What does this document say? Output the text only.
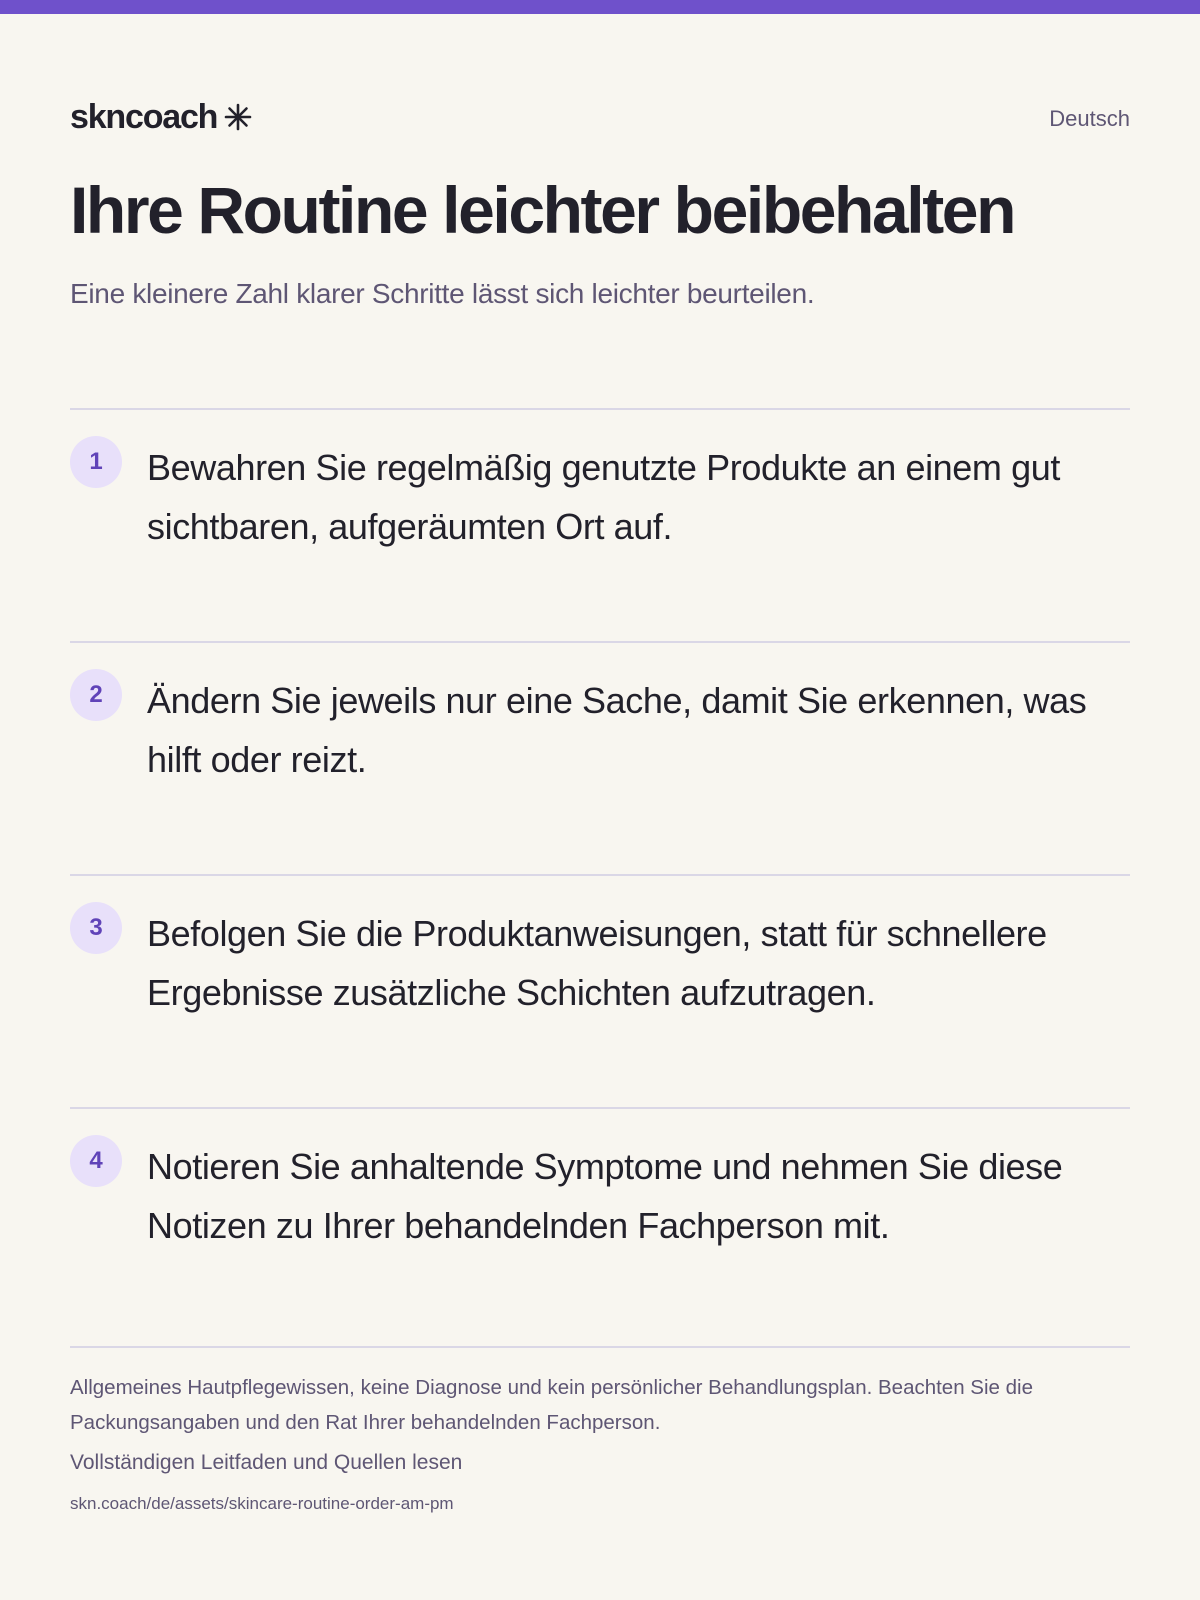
skncoach	Deutsch
Ihre Routine leichter beibehalten

Eine kleinere Zahl klarer Schritte lässt sich leichter beurteilen.

1	Bewahren Sie regelmäßig genutzte Produkte an einem gut sichtbaren, aufgeräumten Ort auf.

2	Ändern Sie jeweils nur eine Sache, damit Sie erkennen, was hilft oder reizt.

3	Befolgen Sie die Produktanweisungen, statt für schnellere Ergebnisse zusätzliche Schichten aufzutragen.

4	Notieren Sie anhaltende Symptome und nehmen Sie diese Notizen zu Ihrer behandelnden Fachperson mit.

Allgemeines Hautpflegewissen, keine Diagnose und kein persönlicher Behandlungsplan. Beachten Sie die Packungsangaben und den Rat Ihrer behandelnden Fachperson.

Vollständigen Leitfaden und Quellen lesen

skn.coach/de/assets/skincare-routine-order-am-pm
